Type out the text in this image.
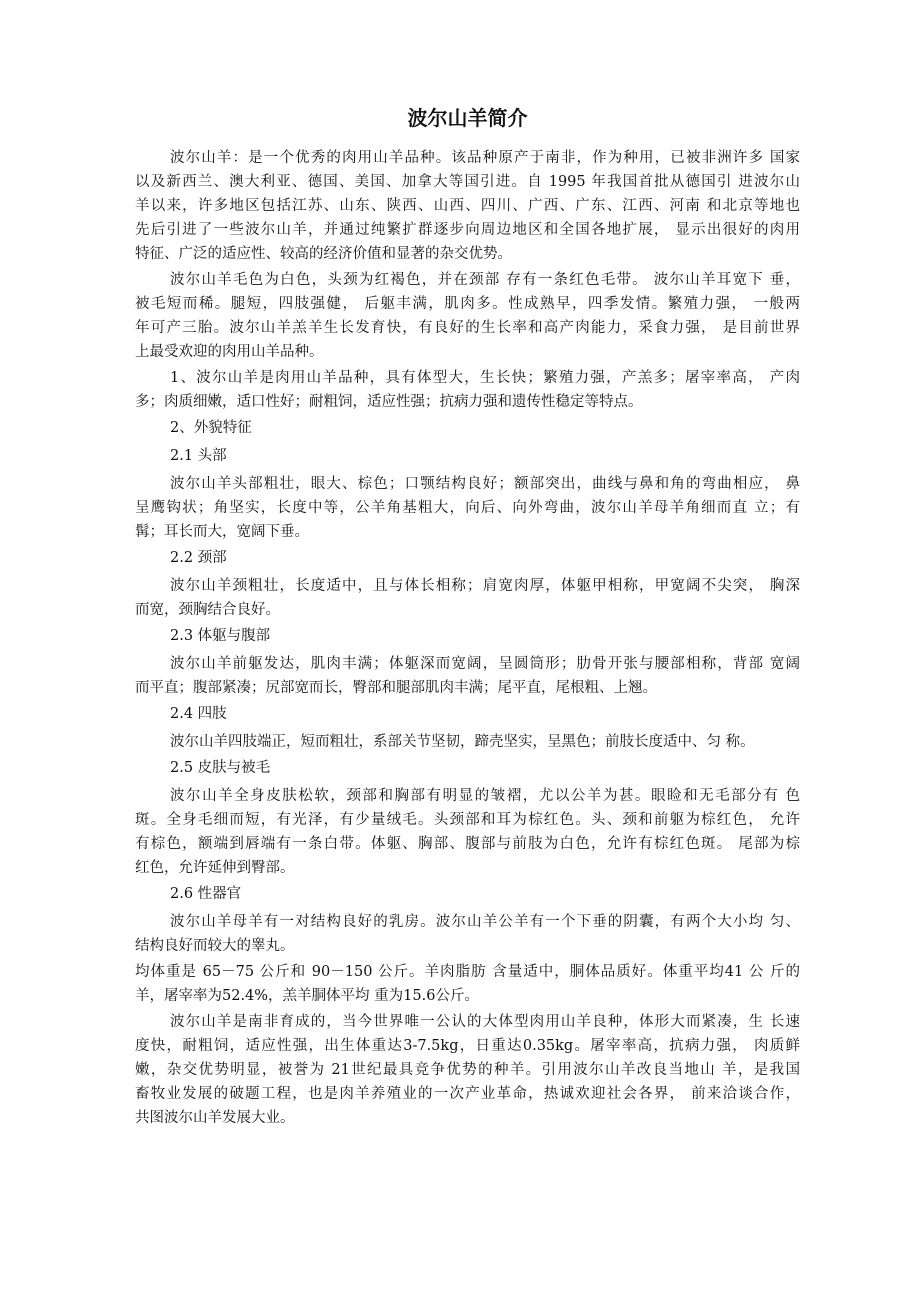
波尔山羊简介
波尔山羊：是一个优秀的肉用山羊品种。该品种原产于南非，作为种用，已被非洲许多 国家
以及新西兰、澳大利亚、德国、美国、加拿大等国引进。自 1995 年我国首批从德国引 进波尔山
羊以来，许多地区包括江苏、山东、陕西、山西、四川、广西、广东、江西、河南 和北京等地也
先后引进了一些波尔山羊，并通过纯繁扩群逐步向周边地区和全国各地扩展， 显示出很好的肉用
特征、广泛的适应性、较高的经济价值和显著的杂交优势。
波尔山羊毛色为白色，头颈为红褐色，并在颈部 存有一条红色毛带。 波尔山羊耳宽下 垂，
被毛短而稀。腿短，四肢强健， 后躯丰满，肌肉多。性成熟早，四季发情。繁殖力强， 一般两
年可产三胎。波尔山羊羔羊生长发育快，有良好的生长率和高产肉能力，采食力强， 是目前世界
上最受欢迎的肉用山羊品种。
1、波尔山羊是肉用山羊品种，具有体型大，生长快；繁殖力强，产羔多；屠宰率高， 产肉
多；肉质细嫩，适口性好；耐粗饲，适应性强；抗病力强和遗传性稳定等特点。
2、外貌特征
2.1 头部
波尔山羊头部粗壮，眼大、棕色；口颚结构良好；额部突出，曲线与鼻和角的弯曲相应， 鼻
呈鹰钩状；角坚实，长度中等，公羊角基粗大，向后、向外弯曲，波尔山羊母羊角细而直 立；有
髯；耳长而大，宽阔下垂。
2.2 颈部
波尔山羊颈粗壮，长度适中，且与体长相称；肩宽肉厚，体躯甲相称，甲宽阔不尖突， 胸深
而宽，颈胸结合良好。
2.3 体躯与腹部
波尔山羊前躯发达，肌肉丰满；体躯深而宽阔，呈圆筒形；肋骨开张与腰部相称，背部 宽阔
而平直；腹部紧凑；尻部宽而长，臀部和腿部肌肉丰满；尾平直，尾根粗、上翘。
2.4 四肢
波尔山羊四肢端正，短而粗壮，系部关节坚韧，蹄壳坚实，呈黑色；前肢长度适中、匀 称。
2.5 皮肤与被毛
波尔山羊全身皮肤松软，颈部和胸部有明显的皱褶，尤以公羊为甚。眼睑和无毛部分有 色
斑。全身毛细而短，有光泽，有少量绒毛。头颈部和耳为棕红色。头、颈和前躯为棕红色， 允许
有棕色，额端到唇端有一条白带。体躯、胸部、腹部与前肢为白色，允许有棕红色斑。 尾部为棕
红色，允许延伸到臀部。
2.6 性器官
波尔山羊母羊有一对结构良好的乳房。波尔山羊公羊有一个下垂的阴囊，有两个大小均 匀、
结构良好而较大的睾丸。
均体重是 65－75 公斤和 90－150 公斤。羊肉脂肪 含量适中，胴体品质好。体重平均41 公 斤的
羊，屠宰率为52.4%，羔羊胴体平均 重为15.6公斤。
波尔山羊是南非育成的，当今世界唯一公认的大体型肉用山羊良种，体形大而紧凑，生 长速
度快，耐粗饲，适应性强，出生体重达3-7.5kg，日重达0.35kg。屠宰率高，抗病力强， 肉质鲜
嫩，杂交优势明显，被誉为 21世纪最具竞争优势的种羊。引用波尔山羊改良当地山 羊，是我国
畜牧业发展的破题工程，也是肉羊养殖业的一次产业革命，热诚欢迎社会各界， 前来洽谈合作，
共图波尔山羊发展大业。
